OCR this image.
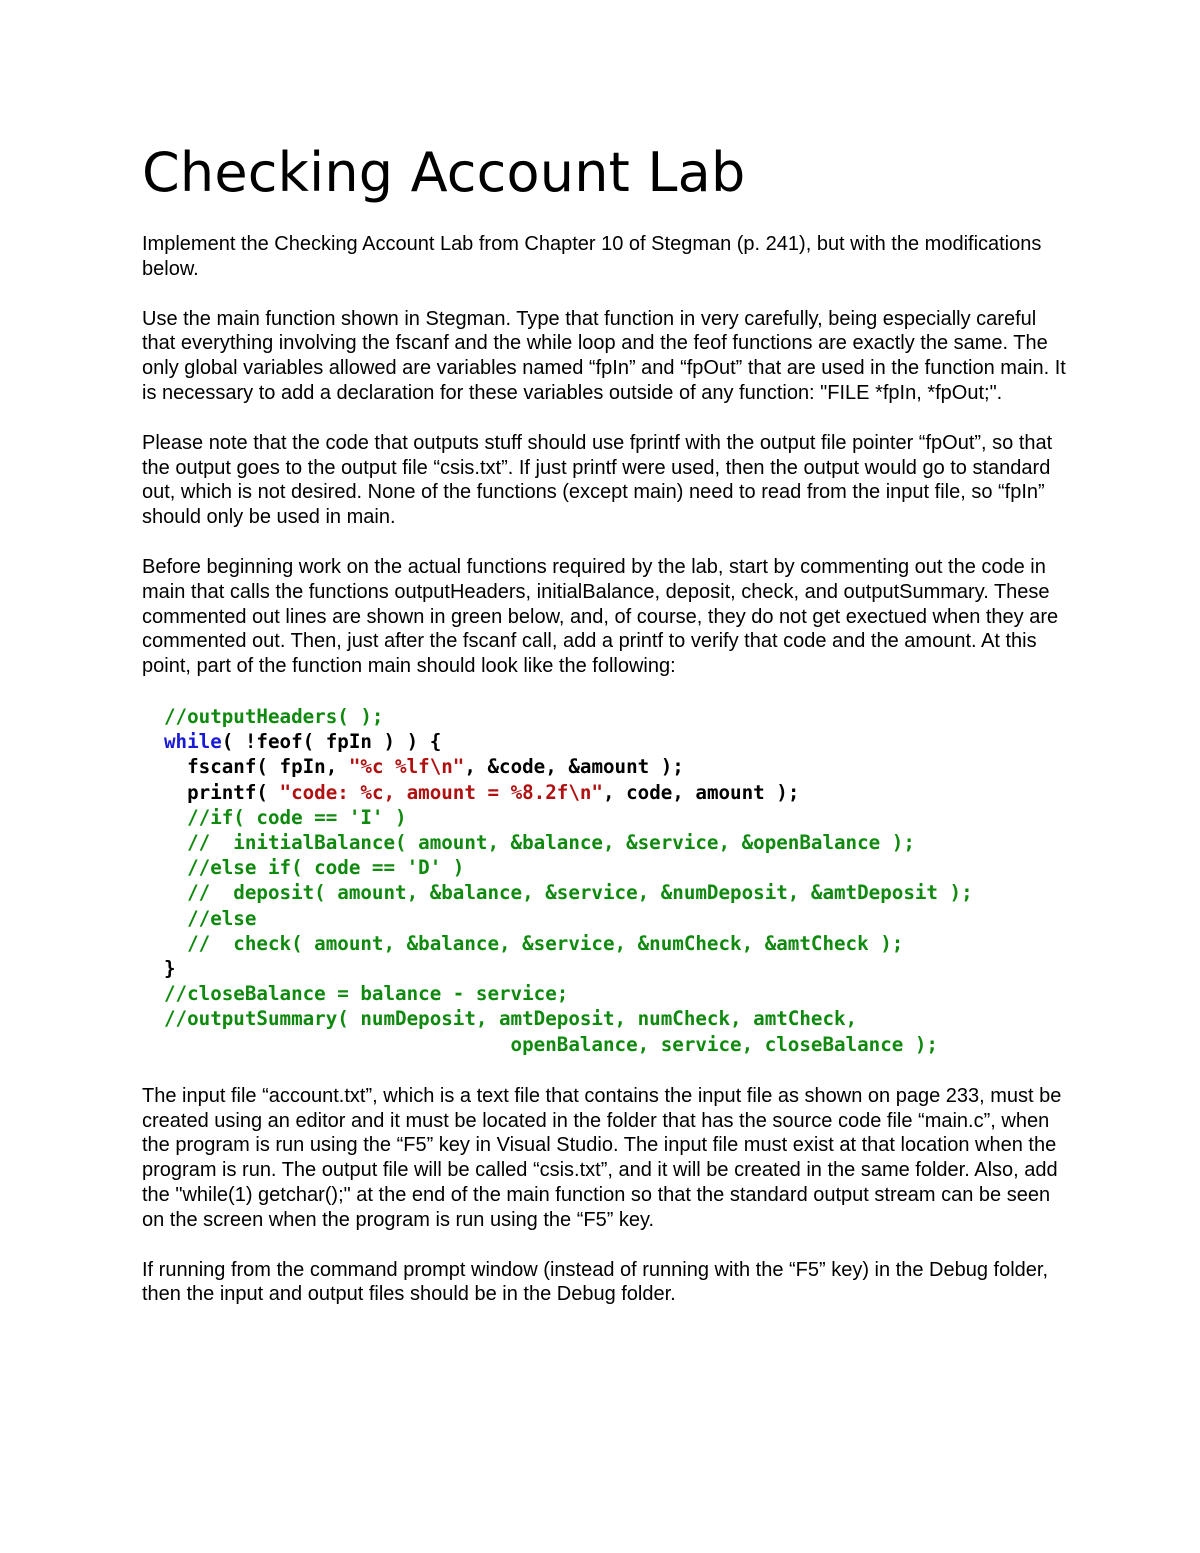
Checking Account Lab

Implement the Checking Account Lab from Chapter 10 of Stegman (p. 241), but with the modifications below.

Use the main function shown in Stegman. Type that function in very carefully, being especially careful that everything involving the fscanf and the while loop and the feof functions are exactly the same. The only global variables allowed are variables named “fpIn” and “fpOut” that are used in the function main. It is necessary to add a declaration for these variables outside of any function: "FILE *fpIn, *fpOut;".

Please note that the code that outputs stuff should use fprintf with the output file pointer “fpOut”, so that the output goes to the output file “csis.txt”. If just printf were used, then the output would go to standard out, which is not desired. None of the functions (except main) need to read from the input file, so “fpIn” should only be used in main.

Before beginning work on the actual functions required by the lab, start by commenting out the code in main that calls the functions outputHeaders, initialBalance, deposit, check, and outputSummary. These commented out lines are shown in green below, and, of course, they do not get exectued when they are commented out. Then, just after the fscanf call, add a printf to verify that code and the amount. At this point, part of the function main should look like the following:

//outputHeaders( );
while( !feof( fpIn ) ) {
fscanf( fpIn, "%c %lf\n", &code, &amount );
printf( "code: %c, amount = %8.2f\n", code, amount );
//if( code == 'I' )
//  initialBalance( amount, &balance, &service, &openBalance );
//else if( code == 'D' )
//  deposit( amount, &balance, &service, &numDeposit, &amtDeposit );
//else
//  check( amount, &balance, &service, &numCheck, &amtCheck );
}
//closeBalance = balance - service;
//outputSummary( numDeposit, amtDeposit, numCheck, amtCheck,
openBalance, service, closeBalance );

The input file “account.txt”, which is a text file that contains the input file as shown on page 233, must be created using an editor and it must be located in the folder that has the source code file “main.c”, when the program is run using the “F5” key in Visual Studio. The input file must exist at that location when the program is run. The output file will be called “csis.txt”, and it will be created in the same folder. Also, add the "while(1) getchar();" at the end of the main function so that the standard output stream can be seen on the screen when the program is run using the “F5” key.

If running from the command prompt window (instead of running with the “F5” key) in the Debug folder, then the input and output files should be in the Debug folder.
